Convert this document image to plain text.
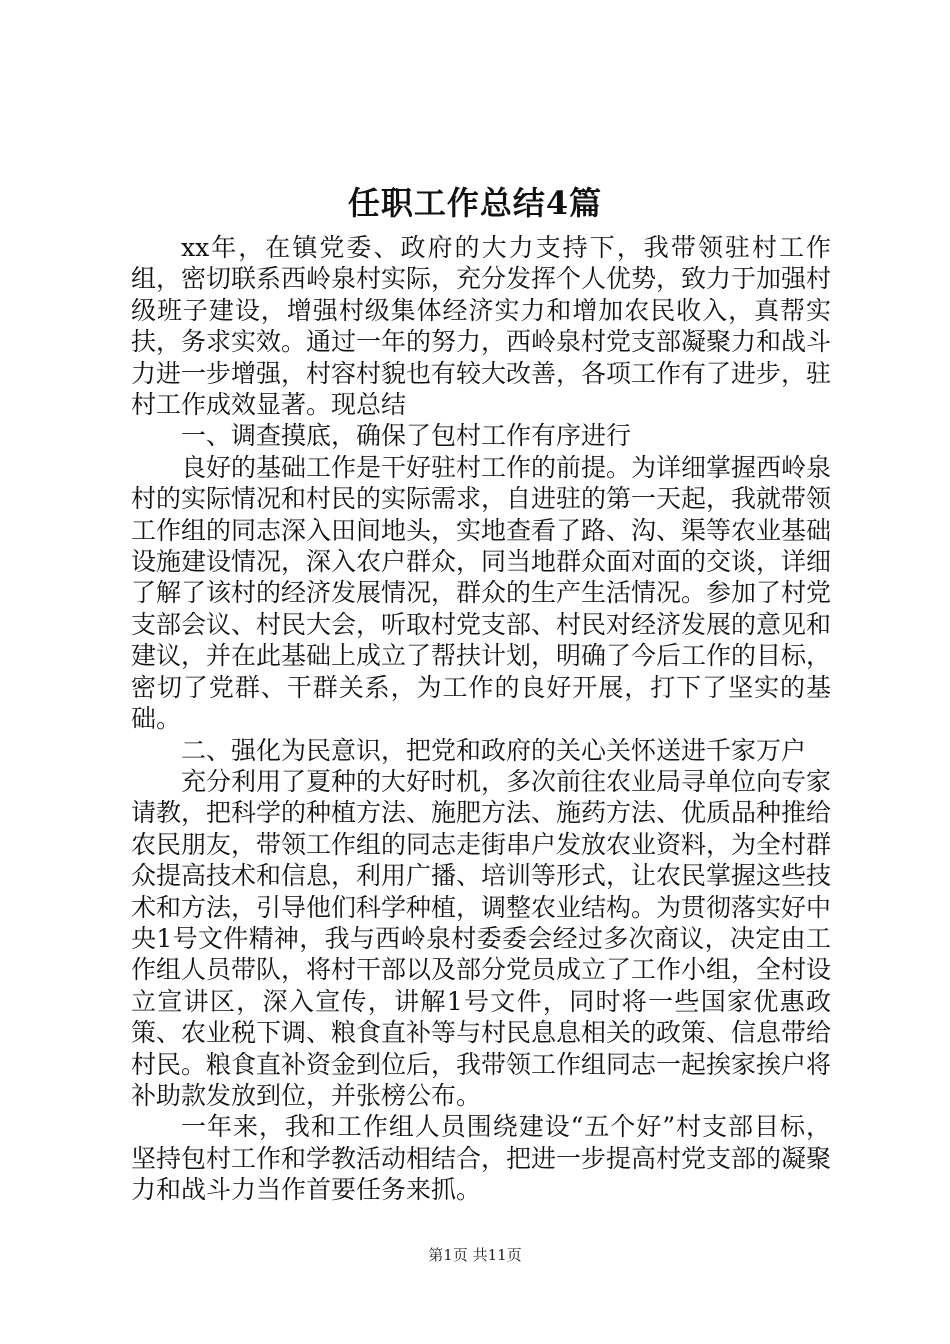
任职工作总结4篇

xx年，在镇党委、政府的大力支持下，我带领驻村工作组，密切联系西岭泉村实际，充分发挥个人优势，致力于加强村级班子建设，增强村级集体经济实力和增加农民收入，真帮实扶，务求实效。通过一年的努力，西岭泉村党支部凝聚力和战斗力进一步增强，村容村貌也有较大改善，各项工作有了进步，驻村工作成效显著。现总结

一、调查摸底，确保了包村工作有序进行

良好的基础工作是干好驻村工作的前提。为详细掌握西岭泉村的实际情况和村民的实际需求，自进驻的第一天起，我就带领工作组的同志深入田间地头，实地查看了路、沟、渠等农业基础设施建设情况，深入农户群众，同当地群众面对面的交谈，详细了解了该村的经济发展情况，群众的生产生活情况。参加了村党支部会议、村民大会，听取村党支部、村民对经济发展的意见和建议，并在此基础上成立了帮扶计划，明确了今后工作的目标，密切了党群、干群关系，为工作的良好开展，打下了坚实的基础。

二、强化为民意识，把党和政府的关心关怀送进千家万户

充分利用了夏种的大好时机，多次前往农业局寻单位向专家请教，把科学的种植方法、施肥方法、施药方法、优质品种推给农民朋友，带领工作组的同志走街串户发放农业资料，为全村群众提高技术和信息，利用广播、培训等形式，让农民掌握这些技术和方法，引导他们科学种植，调整农业结构。为贯彻落实好中央1号文件精神，我与西岭泉村委委会经过多次商议，决定由工作组人员带队，将村干部以及部分党员成立了工作小组，全村设立宣讲区，深入宣传，讲解1号文件，同时将一些国家优惠政策、农业税下调、粮食直补等与村民息息相关的政策、信息带给村民。粮食直补资金到位后，我带领工作组同志一起挨家挨户将补助款发放到位，并张榜公布。

一年来，我和工作组人员围绕建设“五个好”村支部目标，坚持包村工作和学教活动相结合，把进一步提高村党支部的凝聚力和战斗力当作首要任务来抓。

第1页 共11页
